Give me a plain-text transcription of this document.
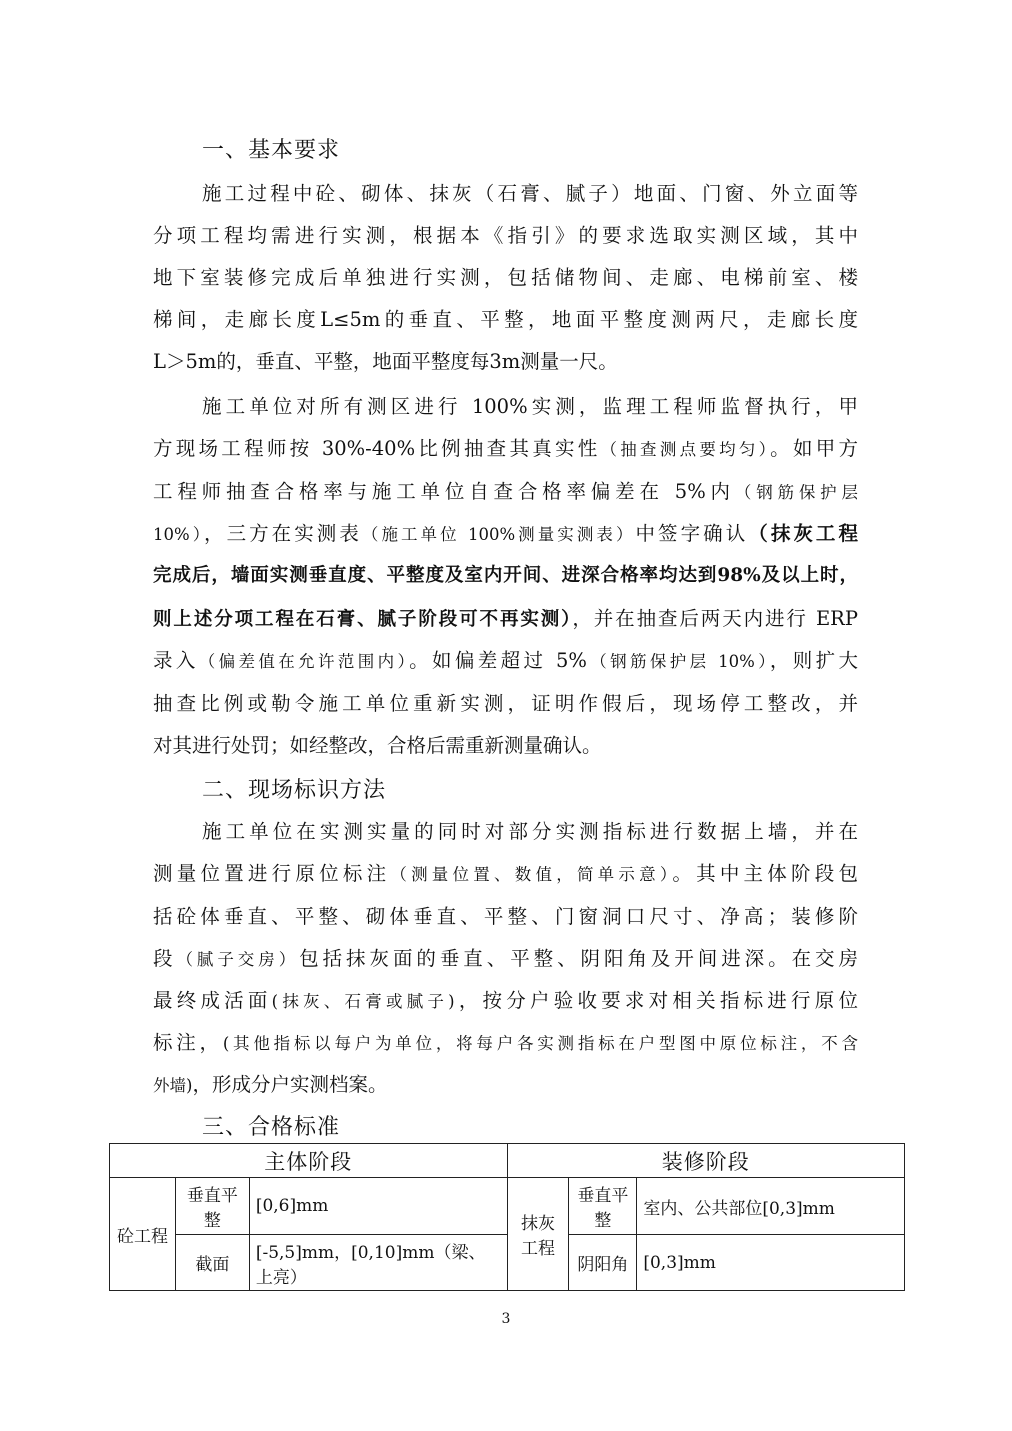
一、基本要求
施工过程中砼、砌体、抹灰（石膏、腻子）地面、门窗、外立面等
分项工程均需进行实测，根据本《指引》的要求选取实测区域，其中
地下室装修完成后单独进行实测，包括储物间、走廊、电梯前室、楼
梯间，走廊长度L≤5m的垂直、平整，地面平整度测两尺，走廊长度
L＞5m的，垂直、平整，地面平整度每3m测量一尺。
施工单位对所有测区进行 100%实测，监理工程师监督执行，甲
方现场工程师按 30%-40%比例抽查其真实性（抽查测点要均匀）。如甲方
工程师抽查合格率与施工单位自查合格率偏差在 5%内（钢筋保护层
10%），三方在实测表（施工单位 100%测量实测表）中签字确认（抹灰工程
完成后，墙面实测垂直度、平整度及室内开间、进深合格率均达到98%及以上时，
则上述分项工程在石膏、腻子阶段可不再实测），并在抽查后两天内进行 ERP
录入（偏差值在允许范围内）。如偏差超过 5%（钢筋保护层 10%），则扩大
抽查比例或勒令施工单位重新实测，证明作假后，现场停工整改，并
对其进行处罚；如经整改，合格后需重新测量确认。
二、现场标识方法
施工单位在实测实量的同时对部分实测指标进行数据上墙，并在
测量位置进行原位标注（测量位置、数值，简单示意）。其中主体阶段包
括砼体垂直、平整、砌体垂直、平整、门窗洞口尺寸、净高；装修阶
段（腻子交房）包括抹灰面的垂直、平整、阴阳角及开间进深。在交房
最终成活面(抹灰、石膏或腻子)，按分户验收要求对相关指标进行原位
标注，(其他指标以每户为单位，将每户各实测指标在户型图中原位标注，不含
外墙)，形成分户实测档案。
三、合格标准
主体阶段			装修阶段		
砼工程	垂直平整	[0,6]mm	抹灰工程	垂直平整	室内、公共部位[0,3]mm
	截面	[-5,5]mm，[0,10]mm（梁、上亮）		阴阳角	[0,3]mm
3
